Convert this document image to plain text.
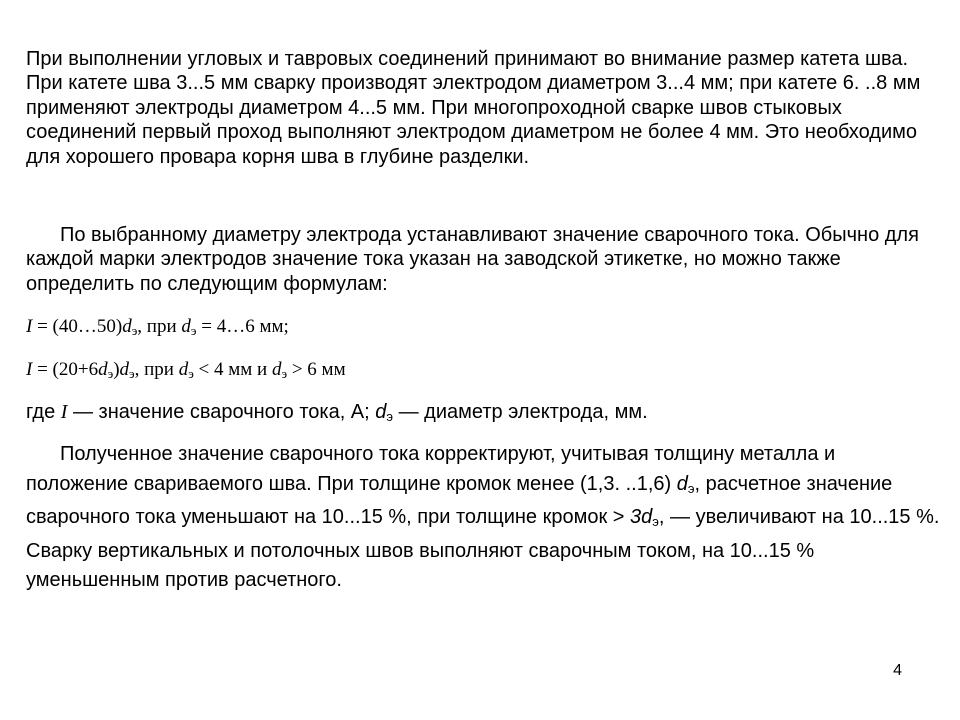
При выполнении угловых и тавровых соединений принимают во внимание размер катета шва. При катете шва 3...5 мм сварку производят электродом диаметром 3...4 мм; при катете 6. ..8 мм применяют электроды диаметром 4...5 мм. При многопроходной сварке швов стыковых соединений первый проход выполняют электродом диаметром не более 4 мм. Это необходимо для хорошего провара корня шва в глубине разделки.

По выбранному диаметру электрода устанавливают значение сварочного тока. Обычно для каждой марки электродов значение тока указан на заводской этикетке, но можно также определить по следующим формулам:

$I = (40\dots 50)d_э$, при $d_э$ = 4…6 мм;
$I = (20+6d_э)d_э$, при $d_э < 4$ мм и $d_э > 6$ мм

где I — значение сварочного тока, А; $d_э$ — диаметр электрода, мм.

Полученное значение сварочного тока корректируют, учитывая толщину металла и положение свариваемого шва. При толщине кромок менее (1,3. ..1,6) $d_э$, расчетное значение сварочного тока уменьшают на 10...15 %, при толщине кромок > $3d_э$, — увеличивают на 10...15 %. Сварку вертикальных и потолочных швов выполняют сварочным током, на 10...15 % уменьшенным против расчетного.

4
